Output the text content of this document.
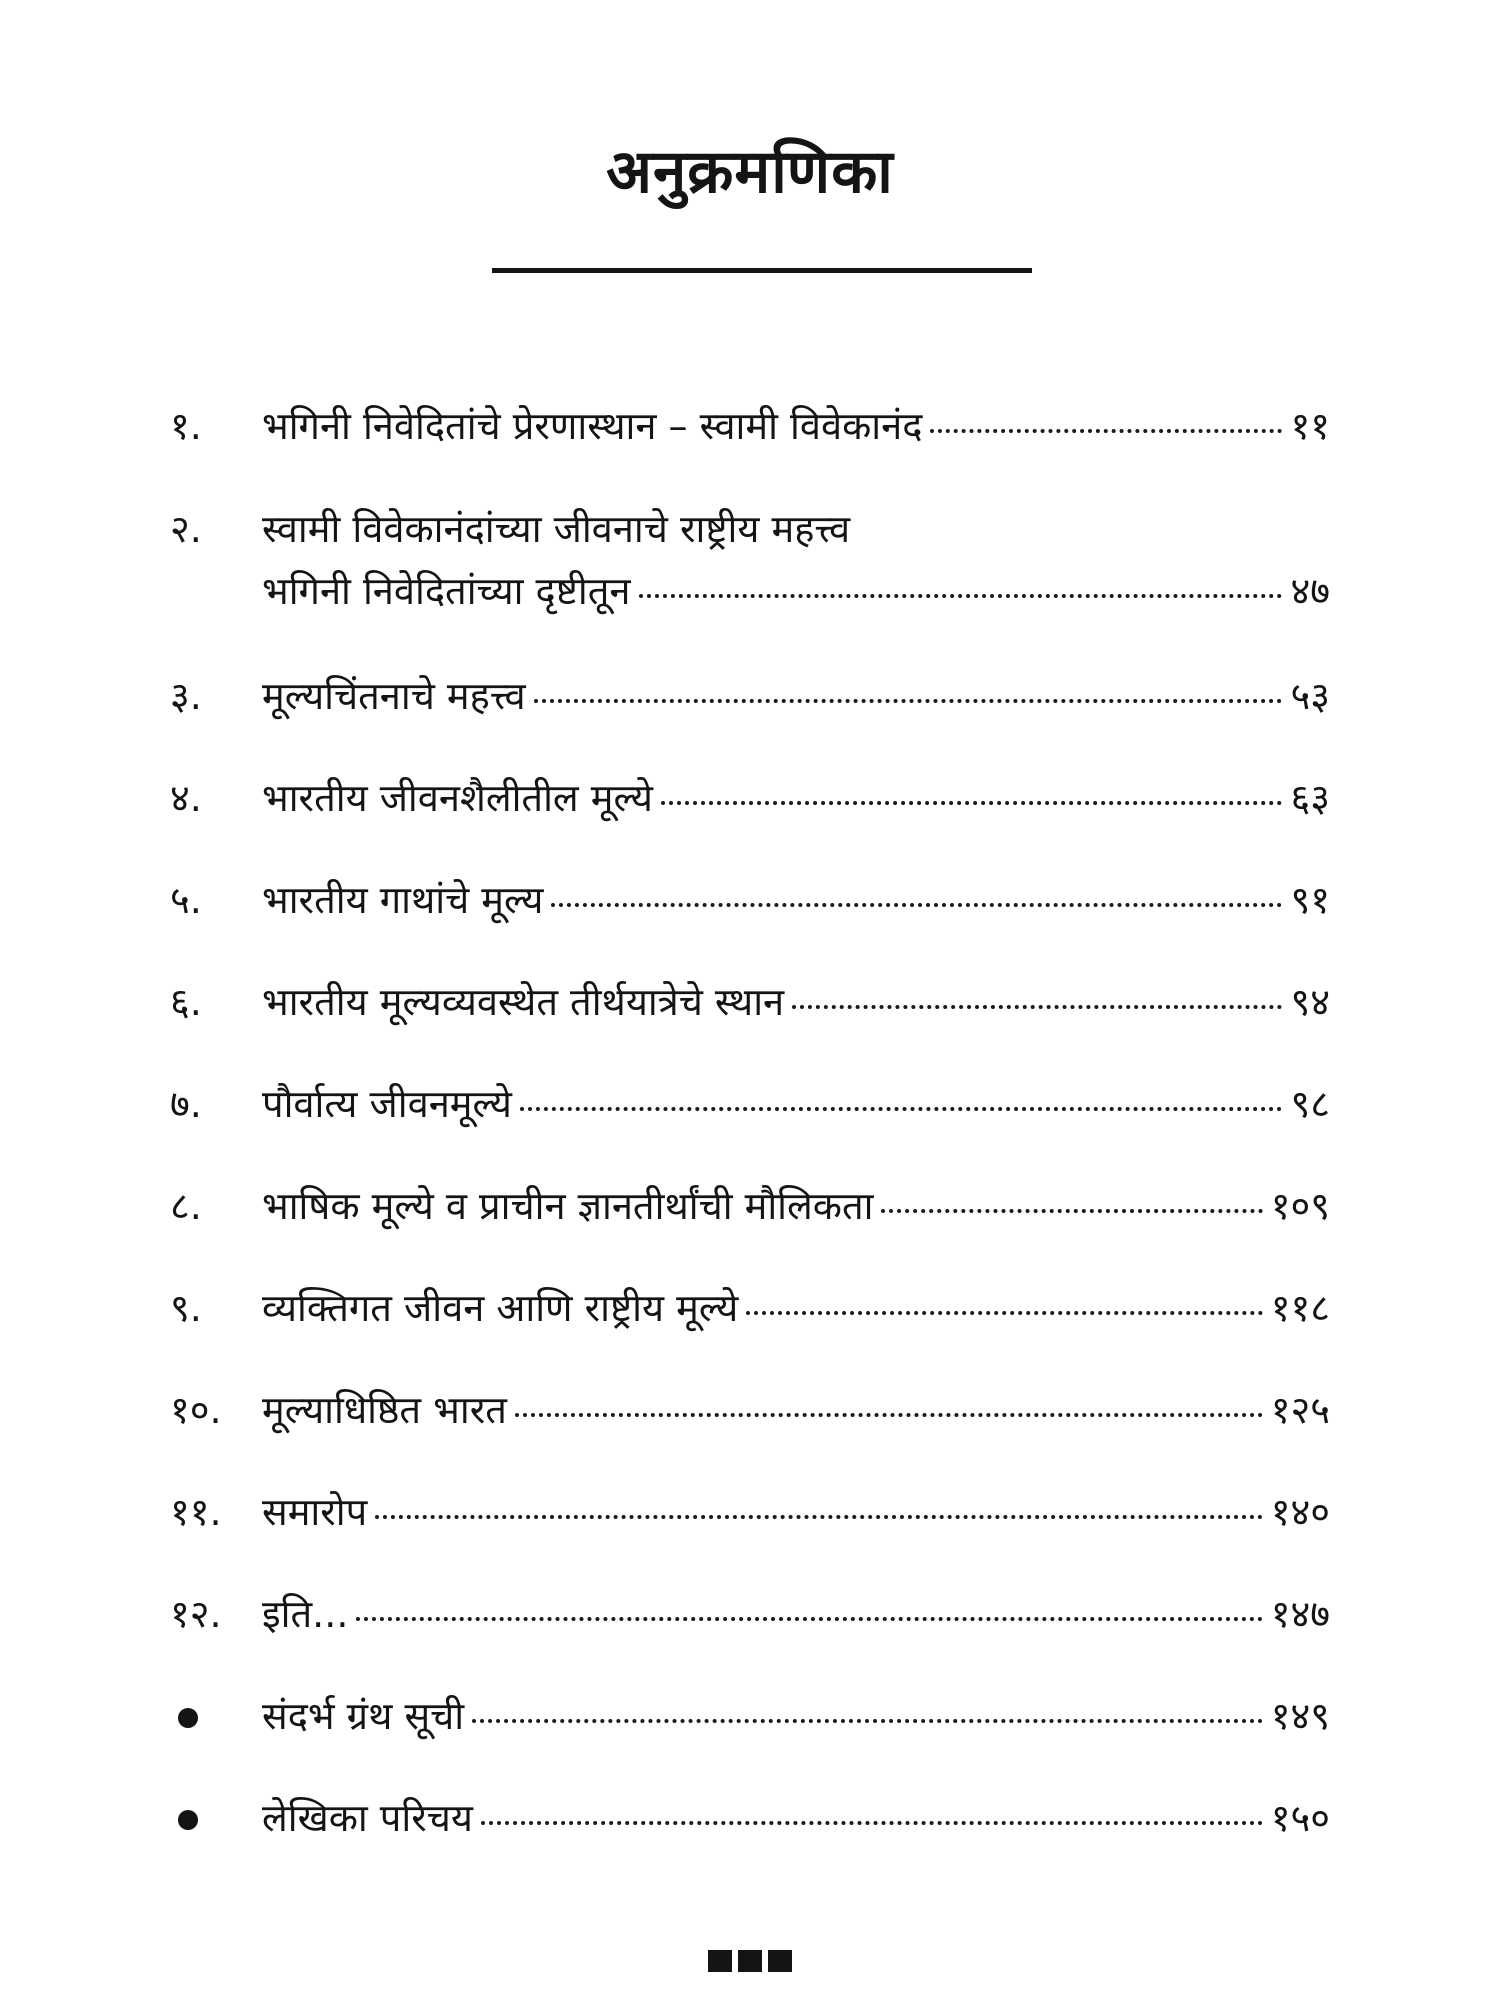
अनुक्रमणिका
१.	भगिनी निवेदितांचे प्रेरणास्थान – स्वामी विवेकानंद	११
२.	स्वामी विवेकानंदांच्या जीवनाचे राष्ट्रीय महत्त्व
भगिनी निवेदितांच्या दृष्टीतून	४७
३.	मूल्यचिंतनाचे महत्त्व	५३
४.	भारतीय जीवनशैलीतील मूल्ये	६३
५.	भारतीय गाथांचे मूल्य	९१
६.	भारतीय मूल्यव्यवस्थेत तीर्थयात्रेचे स्थान	९४
७.	पौर्वात्य जीवनमूल्ये	९८
८.	भाषिक मूल्ये व प्राचीन ज्ञानतीर्थांची मौलिकता	१०९
९.	व्यक्तिगत जीवन आणि राष्ट्रीय मूल्ये	११८
१०.	मूल्याधिष्ठित भारत	१२५
११.	समारोप	१४०
१२.	इति...	१४७
संदर्भ ग्रंथ सूची	१४९
लेखिका परिचय	१५०
